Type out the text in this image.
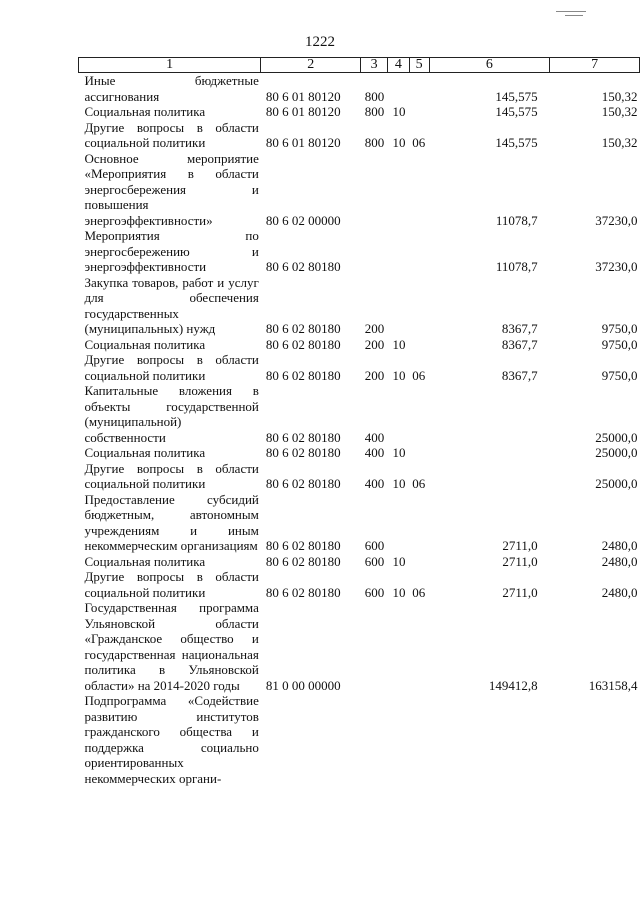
1222
1	2	3	4	5	6	7
Иные бюджетные ассигнования	80 6 01 80120	800			145,575	150,32
Социальная политика	80 6 01 80120	800	10		145,575	150,32
Другие вопросы в области социальной политики	80 6 01 80120	800	10	06	145,575	150,32
Основное мероприятие «Мероприятия в области энергосбережения и повышения энергоэффективности»	80 6 02 00000				11078,7	37230,0
Мероприятия по энергосбережению и энергоэффективности	80 6 02 80180				11078,7	37230,0
Закупка товаров, работ и услуг для обеспечения государственных (муниципальных) нужд	80 6 02 80180	200			8367,7	9750,0
Социальная политика	80 6 02 80180	200	10		8367,7	9750,0
Другие вопросы в области социальной политики	80 6 02 80180	200	10	06	8367,7	9750,0
Капитальные вложения в объекты государственной (муниципальной) собственности	80 6 02 80180	400				25000,0
Социальная политика	80 6 02 80180	400	10			25000,0
Другие вопросы в области социальной политики	80 6 02 80180	400	10	06		25000,0
Предоставление субсидий бюджетным, автономным учреждениям и иным некоммерческим организациям	80 6 02 80180	600			2711,0	2480,0
Социальная политика	80 6 02 80180	600	10		2711,0	2480,0
Другие вопросы в области социальной политики	80 6 02 80180	600	10	06	2711,0	2480,0
Государственная программа Ульяновской области «Гражданское общество и государственная национальная политика в Ульяновской области» на 2014-2020 годы	81 0 00 00000				149412,8	163158,4
Подпрограмма «Содействие развитию институтов гражданского общества и поддержка социально ориентированных некоммерческих органи-						
